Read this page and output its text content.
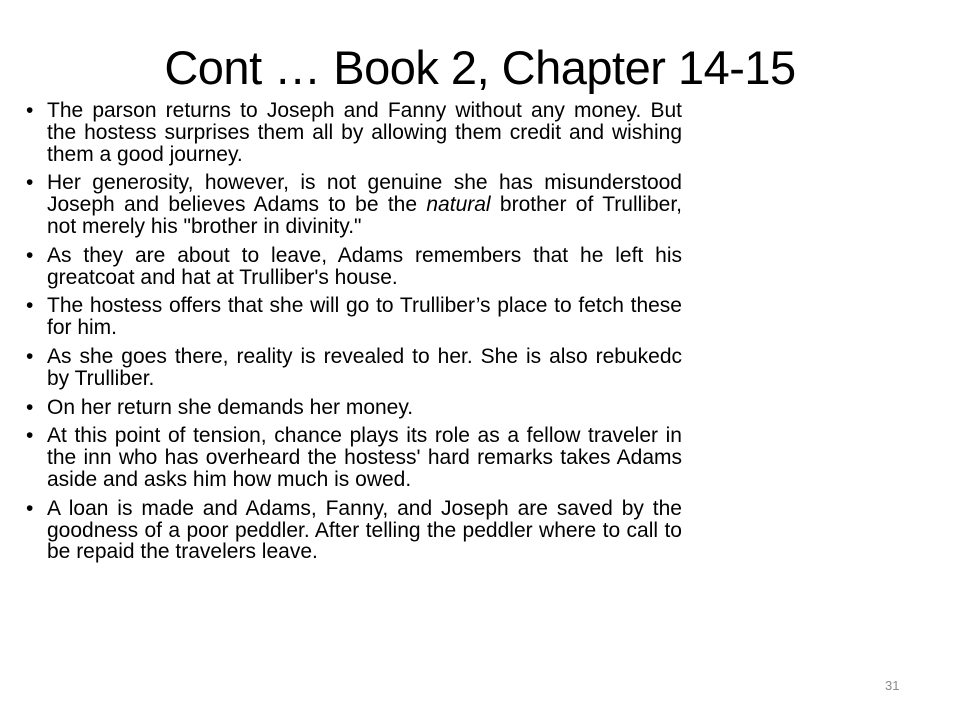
Cont … Book 2, Chapter 14-15
• The parson returns to Joseph and Fanny without any money. But the hostess surprises them all by allowing them credit and wishing them a good journey.
• Her generosity, however, is not genuine she has misunderstood Joseph and believes Adams to be the natural brother of Trulliber, not merely his "brother in divinity."
• As they are about to leave, Adams remembers that he left his greatcoat and hat at Trulliber's house.
• The hostess offers that she will go to Trulliber’s place to fetch these for him.
• As she goes there, reality is revealed to her. She is also rebukedc by Trulliber.
• On her return she demands her money.
• At this point of tension, chance plays its role as a fellow traveler in the inn who has overheard the hostess' hard remarks takes Adams aside and asks him how much is owed.
• A loan is made and Adams, Fanny, and Joseph are saved by the goodness of a poor peddler. After telling the peddler where to call to be repaid the travelers leave.
31
